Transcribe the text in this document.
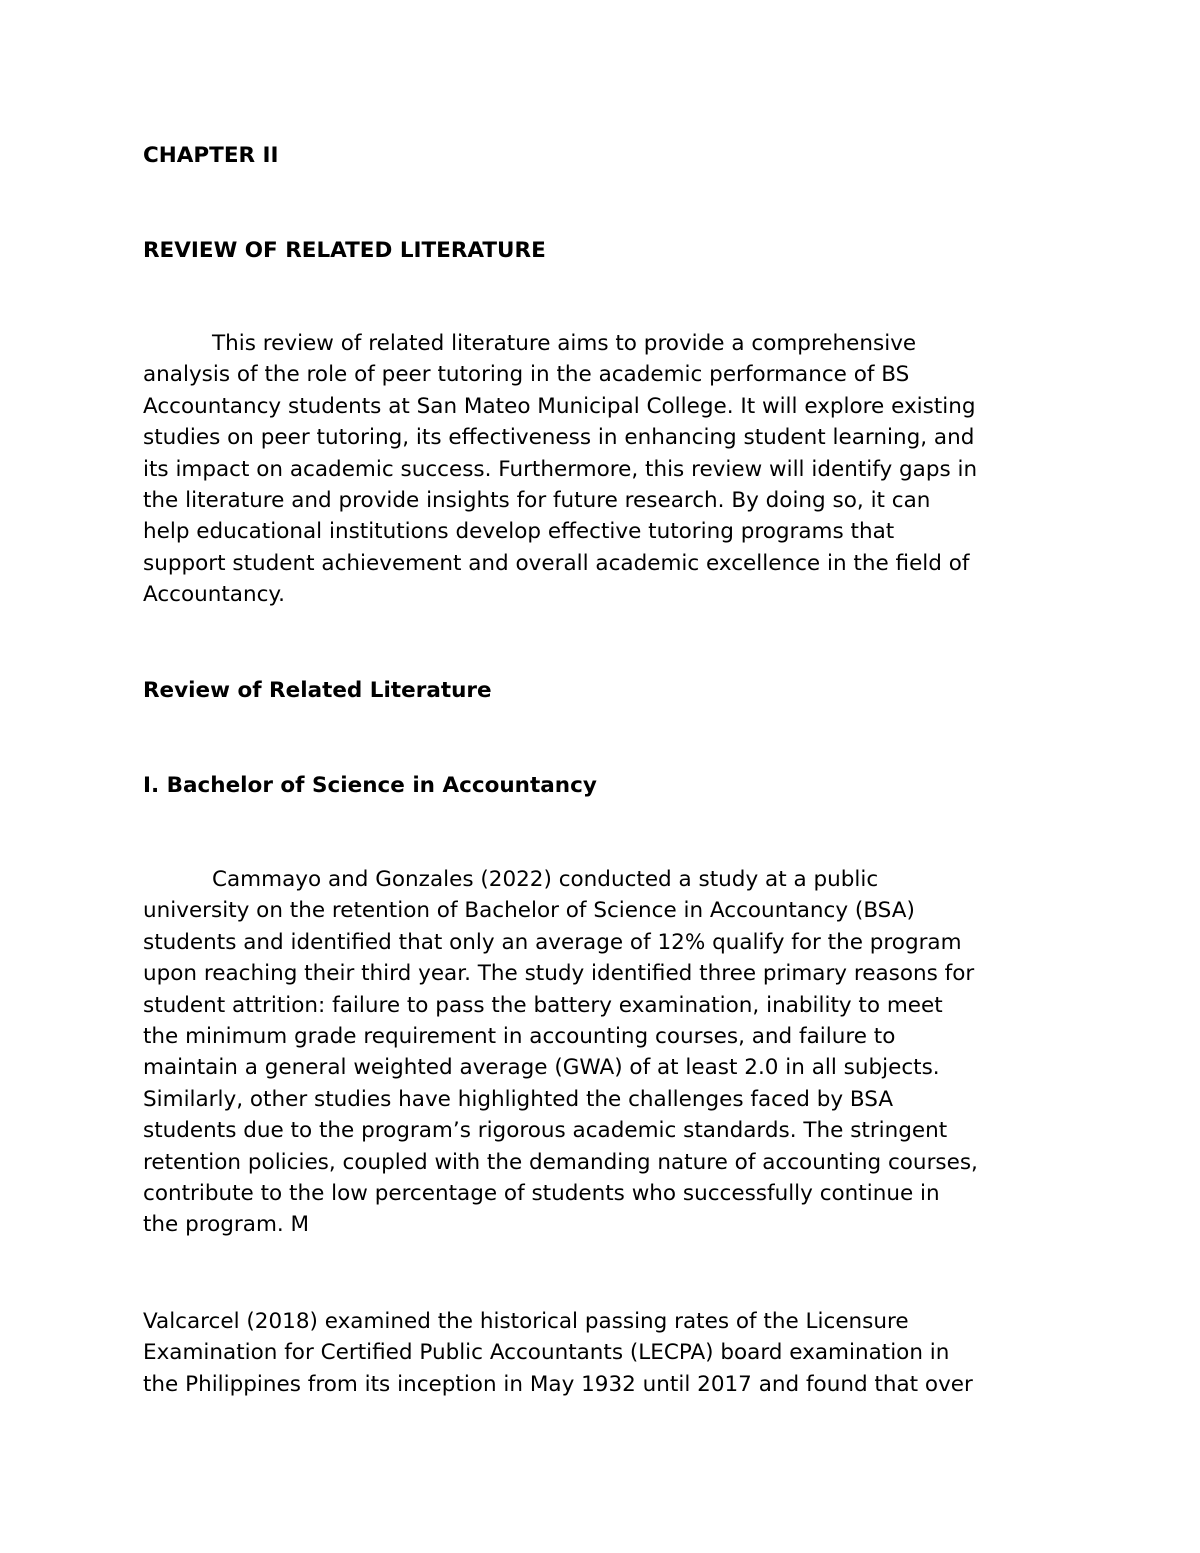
CHAPTER II
REVIEW OF RELATED LITERATURE
This review of related literature aims to provide a comprehensive
analysis of the role of peer tutoring in the academic performance of BS
Accountancy students at San Mateo Municipal College. It will explore existing
studies on peer tutoring, its effectiveness in enhancing student learning, and
its impact on academic success. Furthermore, this review will identify gaps in
the literature and provide insights for future research. By doing so, it can
help educational institutions develop effective tutoring programs that
support student achievement and overall academic excellence in the field of
Accountancy.
Review of Related Literature
I. Bachelor of Science in Accountancy
Cammayo and Gonzales (2022) conducted a study at a public
university on the retention of Bachelor of Science in Accountancy (BSA)
students and identified that only an average of 12% qualify for the program
upon reaching their third year. The study identified three primary reasons for
student attrition: failure to pass the battery examination, inability to meet
the minimum grade requirement in accounting courses, and failure to
maintain a general weighted average (GWA) of at least 2.0 in all subjects.
Similarly, other studies have highlighted the challenges faced by BSA
students due to the program’s rigorous academic standards. The stringent
retention policies, coupled with the demanding nature of accounting courses,
contribute to the low percentage of students who successfully continue in
the program. M
Valcarcel (2018) examined the historical passing rates of the Licensure
Examination for Certified Public Accountants (LECPA) board examination in
the Philippines from its inception in May 1932 until 2017 and found that over
